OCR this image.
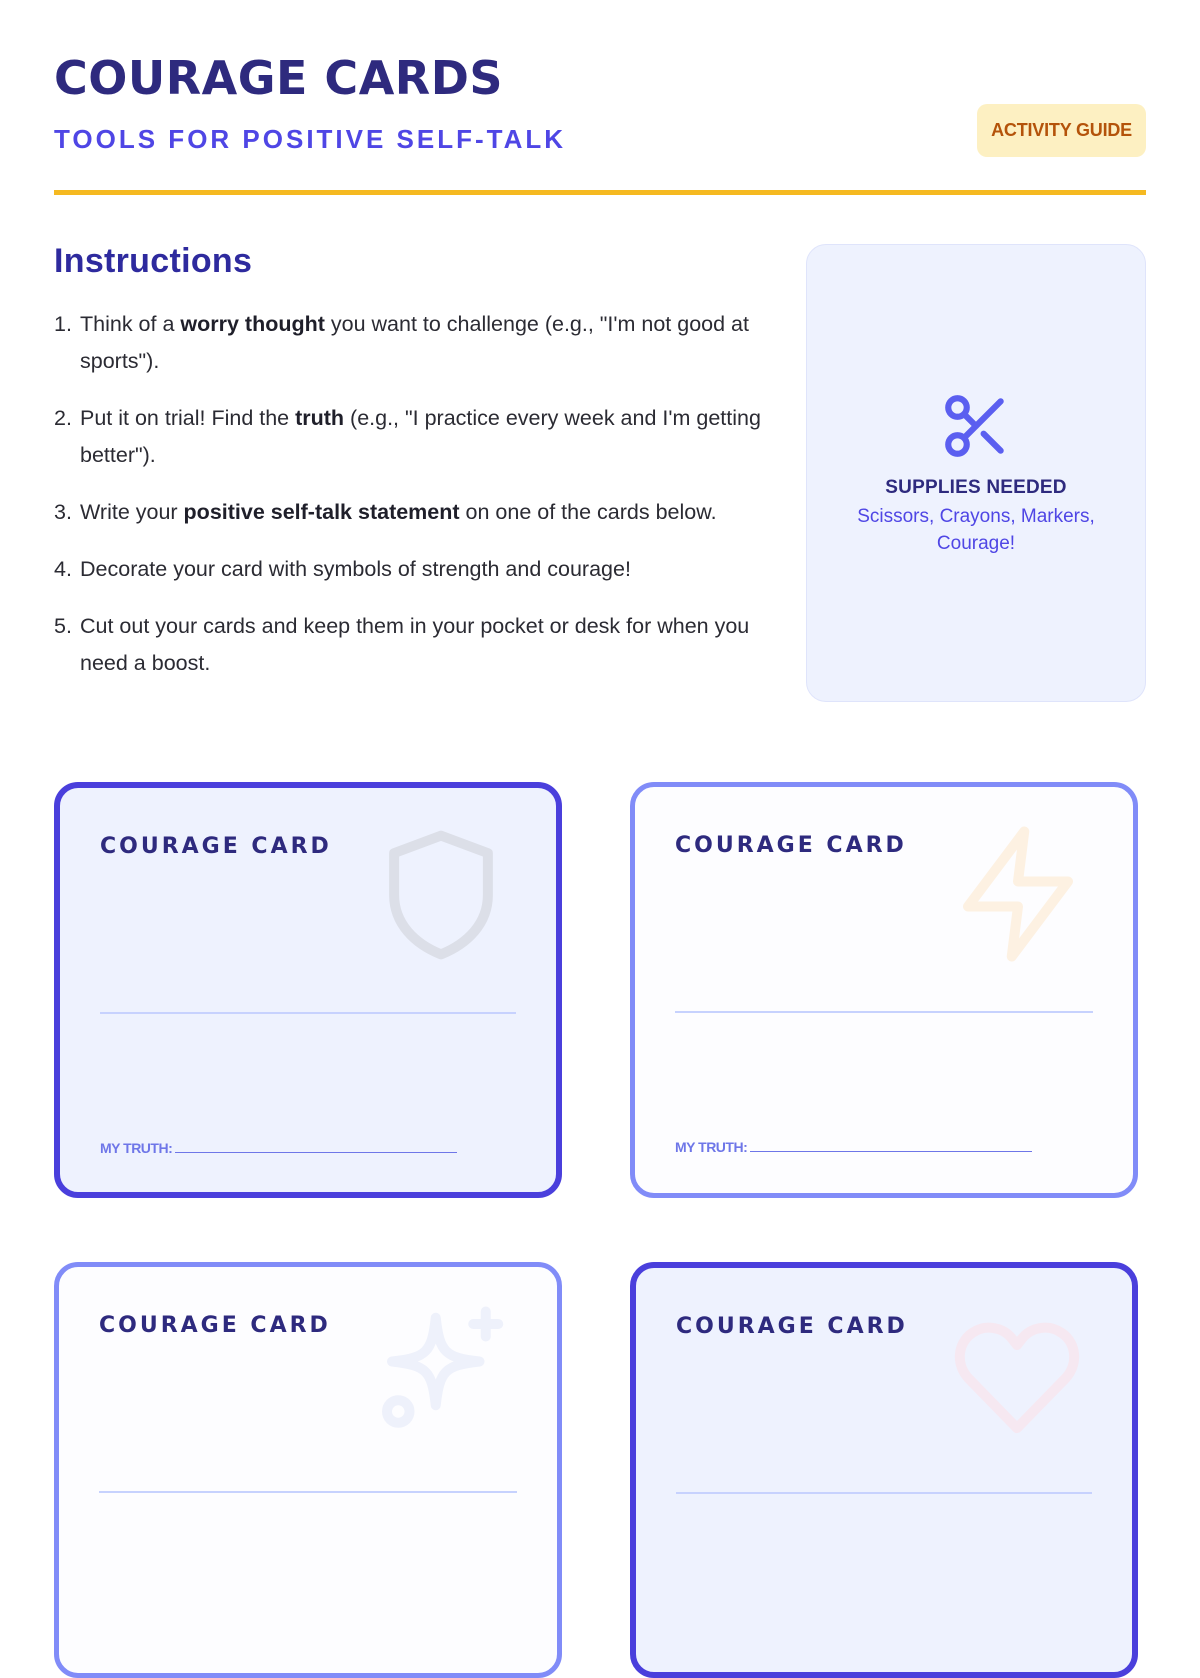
COURAGE CARDS
TOOLS FOR POSITIVE SELF-TALK	ACTIVITY GUIDE
Instructions
1. Think of a worry thought you want to challenge (e.g., "I'm not good at sports").
2. Put it on trial! Find the truth (e.g., "I practice every week and I'm getting better").
3. Write your positive self-talk statement on one of the cards below.
4. Decorate your card with symbols of strength and courage!
5. Cut out your cards and keep them in your pocket or desk for when you need a boost.
SUPPLIES NEEDED
Scissors, Crayons, Markers, Courage!
COURAGE CARD
MY TRUTH:
COURAGE CARD
MY TRUTH:
COURAGE CARD	COURAGE CARD
